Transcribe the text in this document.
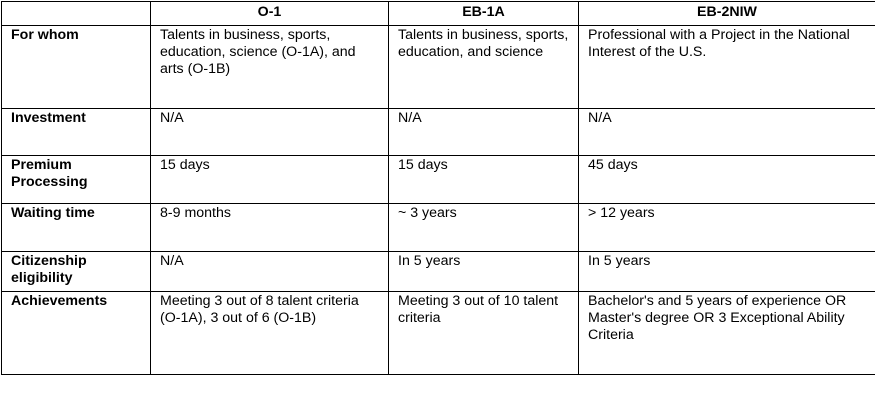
	O-1	EB-1A	EB-2NIW
For whom	Talents in business, sports, education, science (O-1A), and arts (O-1B)	Talents in business, sports, education, and science	Professional with a Project in the National Interest of the U.S.
Investment	N/A	N/A	N/A
Premium Processing	15 days	15 days	45 days
Waiting time	8-9 months	~ 3 years	> 12 years
Citizenship eligibility	N/A	In 5 years	In 5 years
Achievements	Meeting 3 out of 8 talent criteria (O-1A), 3 out of 6 (O-1B)	Meeting 3 out of 10 talent criteria	Bachelor's and 5 years of experience OR Master's degree OR 3 Exceptional Ability Criteria
